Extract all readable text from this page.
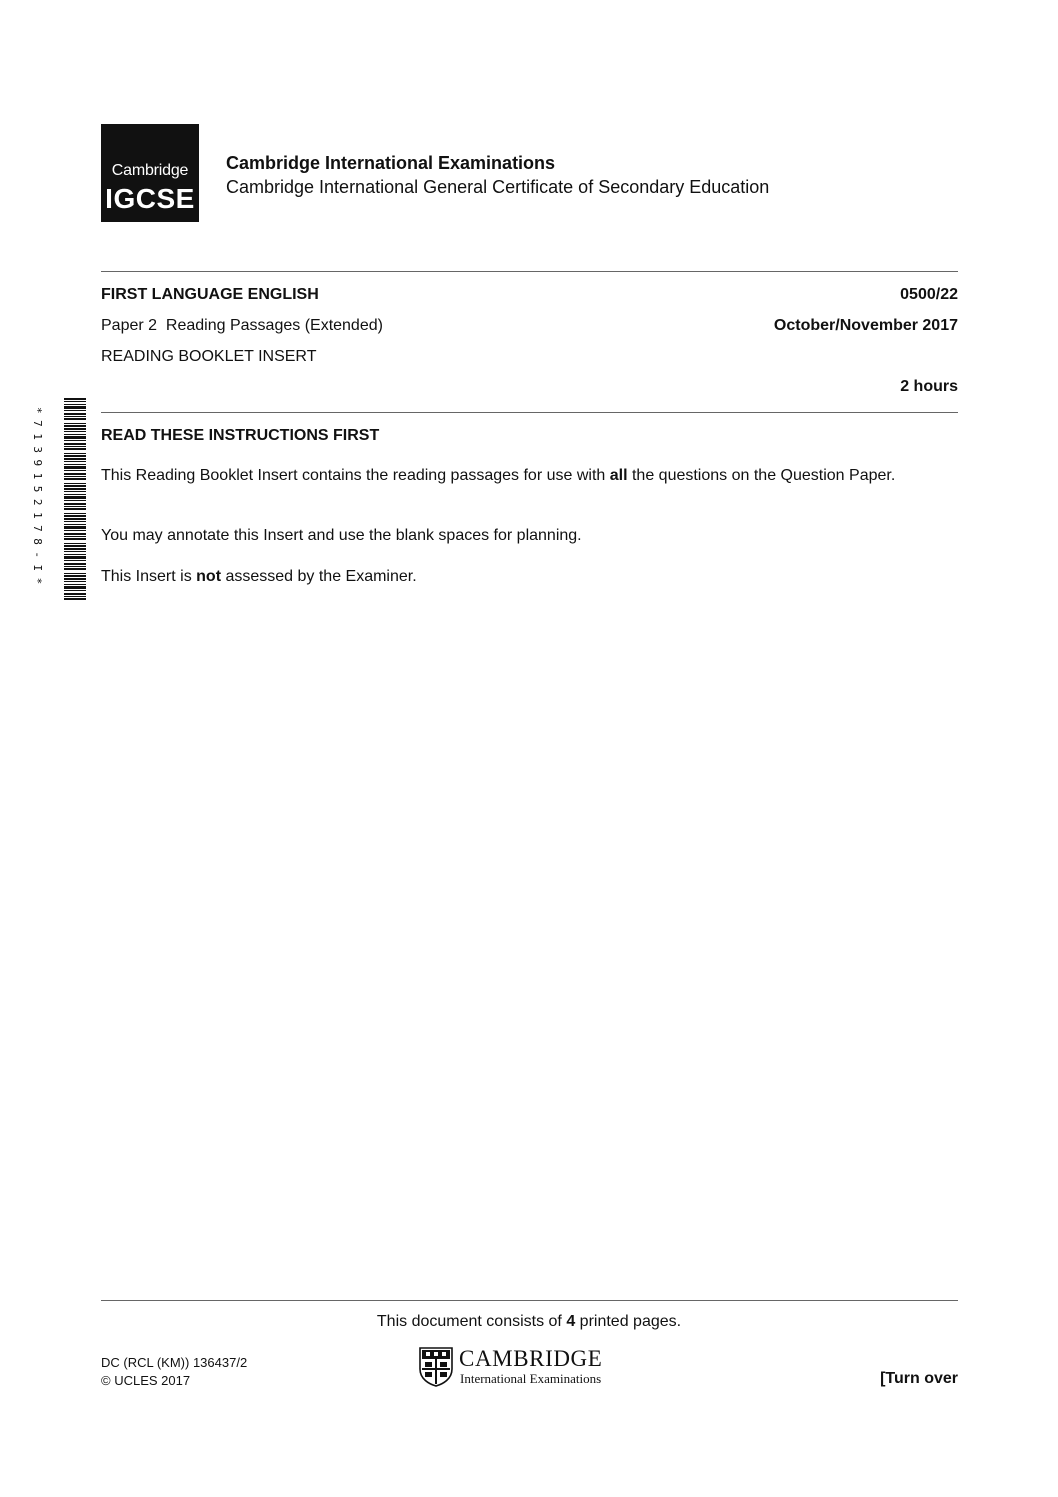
Cambridge
IGCSE
Cambridge International Examinations
Cambridge International General Certificate of Secondary Education
FIRST LANGUAGE ENGLISH	0500/22
Paper 2  Reading Passages (Extended)	October/November 2017
READING BOOKLET INSERT
2 hours
*7139152178-I*	READ THESE INSTRUCTIONS FIRST
This Reading Booklet Insert contains the reading passages for use with all the questions on the Question Paper.
You may annotate this Insert and use the blank spaces for planning.
This Insert is not assessed by the Examiner.
This document consists of 4 printed pages.
DC (RCL (KM)) 136437/2
© UCLES 2017
CAMBRIDGE
International Examinations	[Turn over
